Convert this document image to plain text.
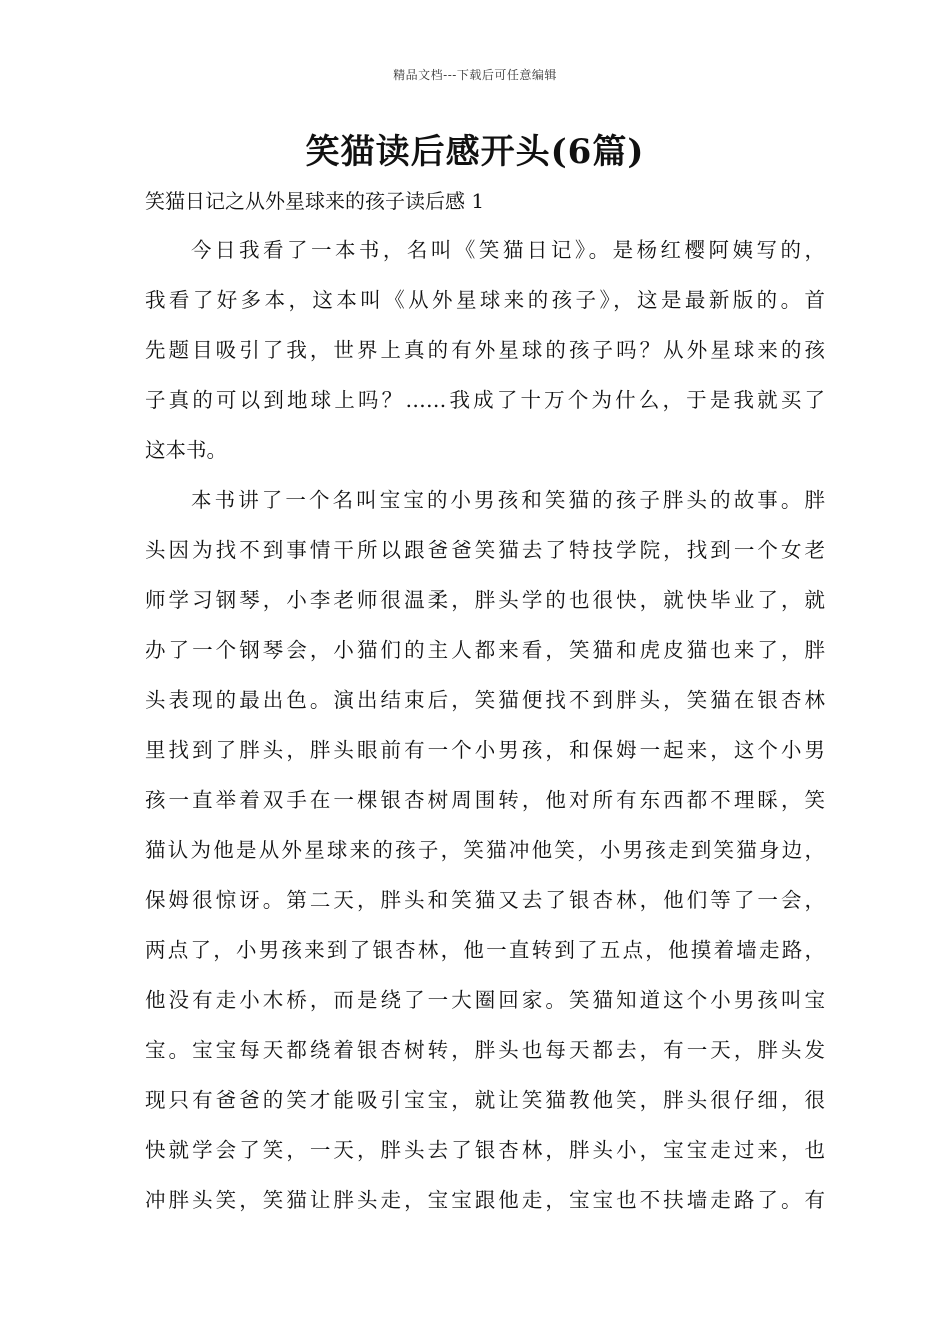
精品文档---下载后可任意编辑
笑猫读后感开头(6篇)
笑猫日记之从外星球来的孩子读后感 1
今日我看了一本书，名叫《笑猫日记》。是杨红樱阿姨写的，
我看了好多本，这本叫《从外星球来的孩子》，这是最新版的。首
先题目吸引了我，世界上真的有外星球的孩子吗？从外星球来的孩
子真的可以到地球上吗？……我成了十万个为什么，于是我就买了
这本书。
本书讲了一个名叫宝宝的小男孩和笑猫的孩子胖头的故事。胖
头因为找不到事情干所以跟爸爸笑猫去了特技学院，找到一个女老
师学习钢琴，小李老师很温柔，胖头学的也很快，就快毕业了，就
办了一个钢琴会，小猫们的主人都来看，笑猫和虎皮猫也来了，胖
头表现的最出色。演出结束后，笑猫便找不到胖头，笑猫在银杏林
里找到了胖头，胖头眼前有一个小男孩，和保姆一起来，这个小男
孩一直举着双手在一棵银杏树周围转，他对所有东西都不理睬，笑
猫认为他是从外星球来的孩子，笑猫冲他笑，小男孩走到笑猫身边，
保姆很惊讶。第二天，胖头和笑猫又去了银杏林，他们等了一会，
两点了，小男孩来到了银杏林，他一直转到了五点，他摸着墙走路，
他没有走小木桥，而是绕了一大圈回家。笑猫知道这个小男孩叫宝
宝。宝宝每天都绕着银杏树转，胖头也每天都去，有一天，胖头发
现只有爸爸的笑才能吸引宝宝，就让笑猫教他笑，胖头很仔细，很
快就学会了笑，一天，胖头去了银杏林，胖头小，宝宝走过来，也
冲胖头笑，笑猫让胖头走，宝宝跟他走，宝宝也不扶墙走路了。有
